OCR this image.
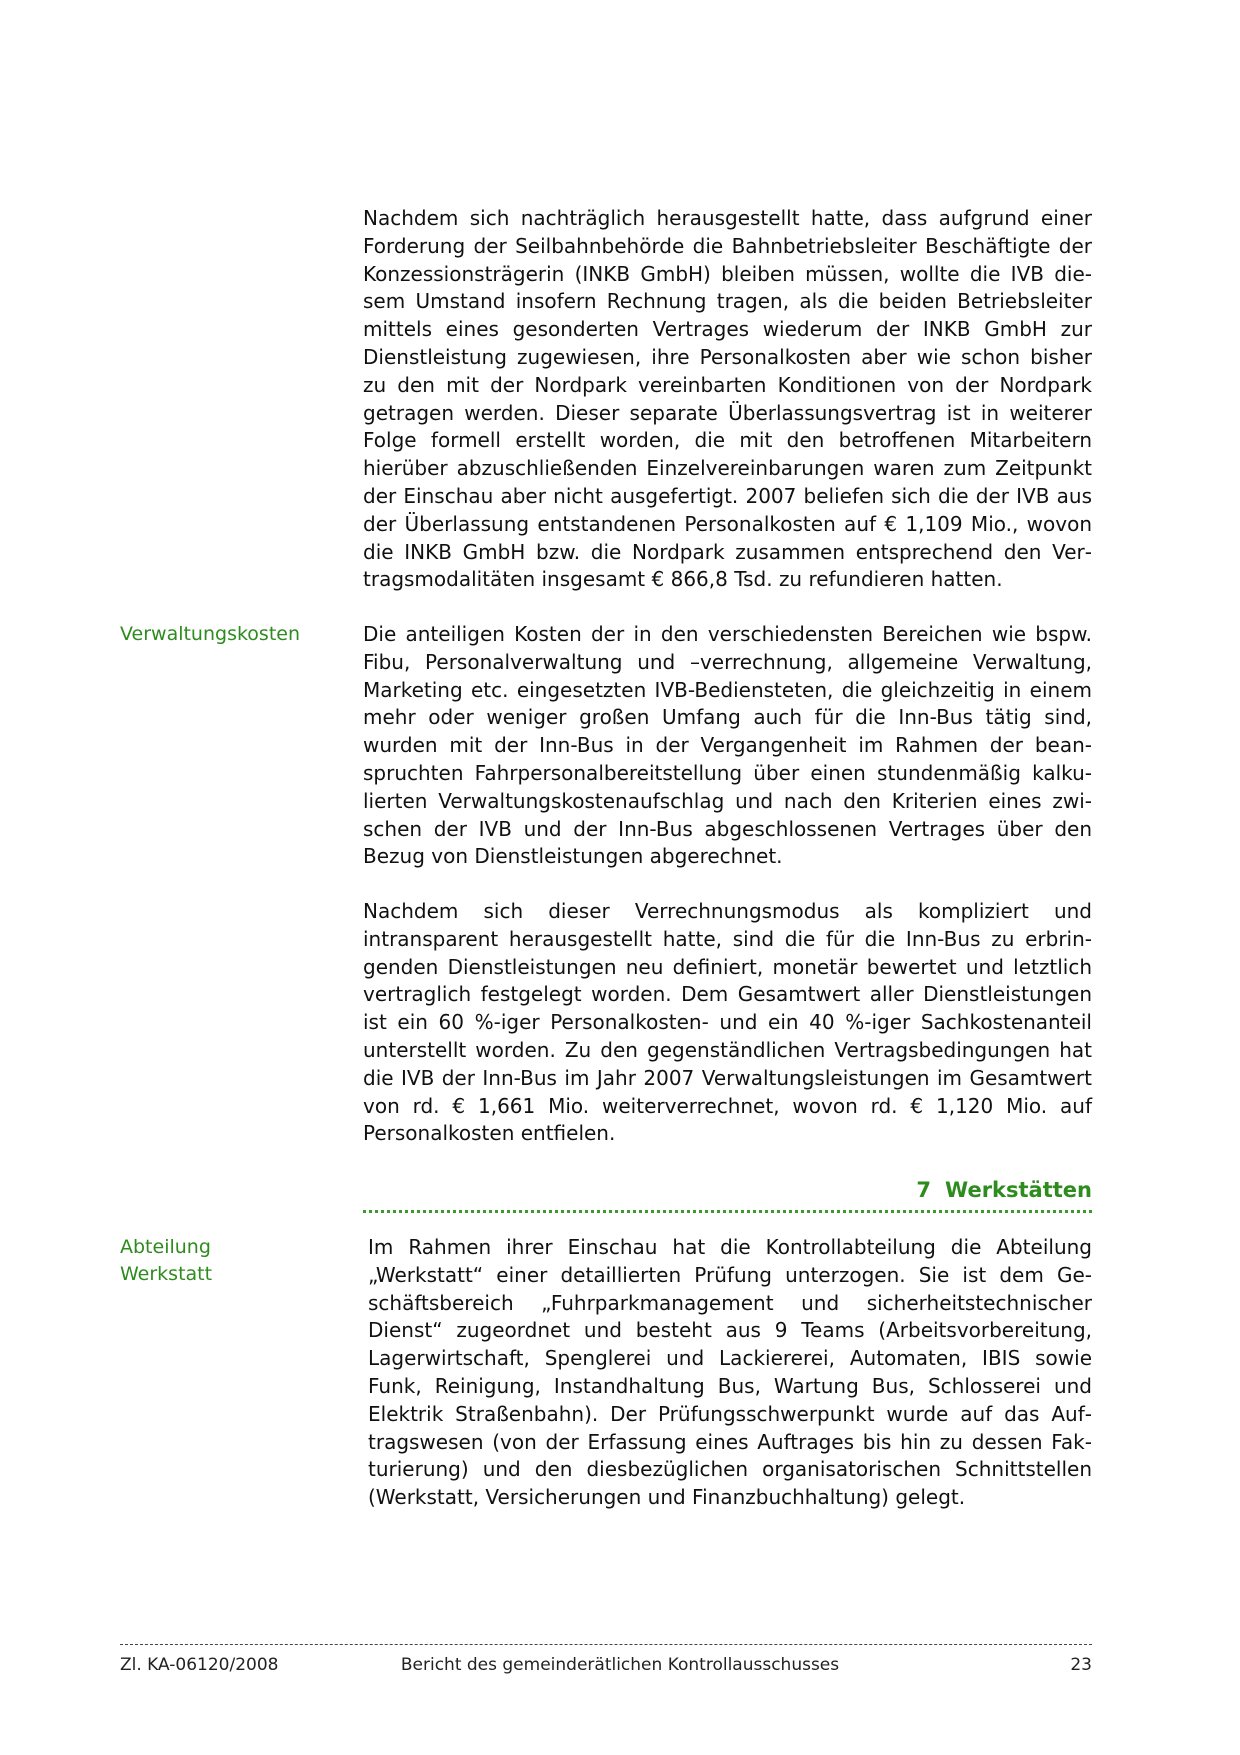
Nachdem sich nachträglich herausgestellt hatte, dass aufgrund einer Forderung der Seilbahnbehörde die Bahnbetriebsleiter Beschäftigte der Konzessionsträgerin (INKB GmbH) bleiben müssen, wollte die IVB diesem Umstand insofern Rechnung tragen, als die beiden Betriebsleiter mittels eines gesonderten Vertrages wiederum der INKB GmbH zur Dienstleistung zugewiesen, ihre Personalkosten aber wie schon bisher zu den mit der Nordpark vereinbarten Konditionen von der Nordpark getragen werden. Dieser separate Überlassungsvertrag ist in weiterer Folge formell erstellt worden, die mit den betroffenen Mitarbeitern hierüber abzuschließenden Einzelvereinbarungen waren zum Zeitpunkt der Einschau aber nicht ausgefertigt. 2007 beliefen sich die der IVB aus der Überlassung entstandenen Personalkosten auf € 1,109 Mio., wovon die INKB GmbH bzw. die Nordpark zusammen entsprechend den Vertragsmodalitäten insgesamt € 866,8 Tsd. zu refundieren hatten.

Verwaltungskosten	Die anteiligen Kosten der in den verschiedensten Bereichen wie bspw. Fibu, Personalverwaltung und –verrechnung, allgemeine Verwaltung, Marketing etc. eingesetzten IVB-Bediensteten, die gleichzeitig in einem mehr oder weniger großen Umfang auch für die Inn-Bus tätig sind, wurden mit der Inn-Bus in der Vergangenheit im Rahmen der beanspruchten Fahrpersonalbereitstellung über einen stundenmäßig kalkulierten Verwaltungskostenaufschlag und nach den Kriterien eines zwischen der IVB und der Inn-Bus abgeschlossenen Vertrages über den Bezug von Dienstleistungen abgerechnet.

Nachdem sich dieser Verrechnungsmodus als kompliziert und intransparent herausgestellt hatte, sind die für die Inn-Bus zu erbringenden Dienstleistungen neu definiert, monetär bewertet und letztlich vertraglich festgelegt worden. Dem Gesamtwert aller Dienstleistungen ist ein 60 %-iger Personalkosten- und ein 40 %-iger Sachkostenanteil unterstellt worden. Zu den gegenständlichen Vertragsbedingungen hat die IVB der Inn-Bus im Jahr 2007 Verwaltungsleistungen im Gesamtwert von rd. € 1,661 Mio. weiterverrechnet, wovon rd. € 1,120 Mio. auf Personalkosten entfielen.

7 Werkstätten
Abteilung
Werkstatt

Im Rahmen ihrer Einschau hat die Kontrollabteilung die Abteilung „Werkstatt“ einer detaillierten Prüfung unterzogen. Sie ist dem Geschäftsbereich „Fuhrparkmanagement und sicherheitstechnischer Dienst“ zugeordnet und besteht aus 9 Teams (Arbeitsvorbereitung, Lagerwirtschaft, Spenglerei und Lackiererei, Automaten, IBIS sowie Funk, Reinigung, Instandhaltung Bus, Wartung Bus, Schlosserei und Elektrik Straßenbahn). Der Prüfungsschwerpunkt wurde auf das Auftragswesen (von der Erfassung eines Auftrages bis hin zu dessen Fakturierung) und den diesbezüglichen organisatorischen Schnittstellen (Werkstatt, Versicherungen und Finanzbuchhaltung) gelegt.

Zl. KA-06120/2008	Bericht des gemeinderätlichen Kontrollausschusses	23
